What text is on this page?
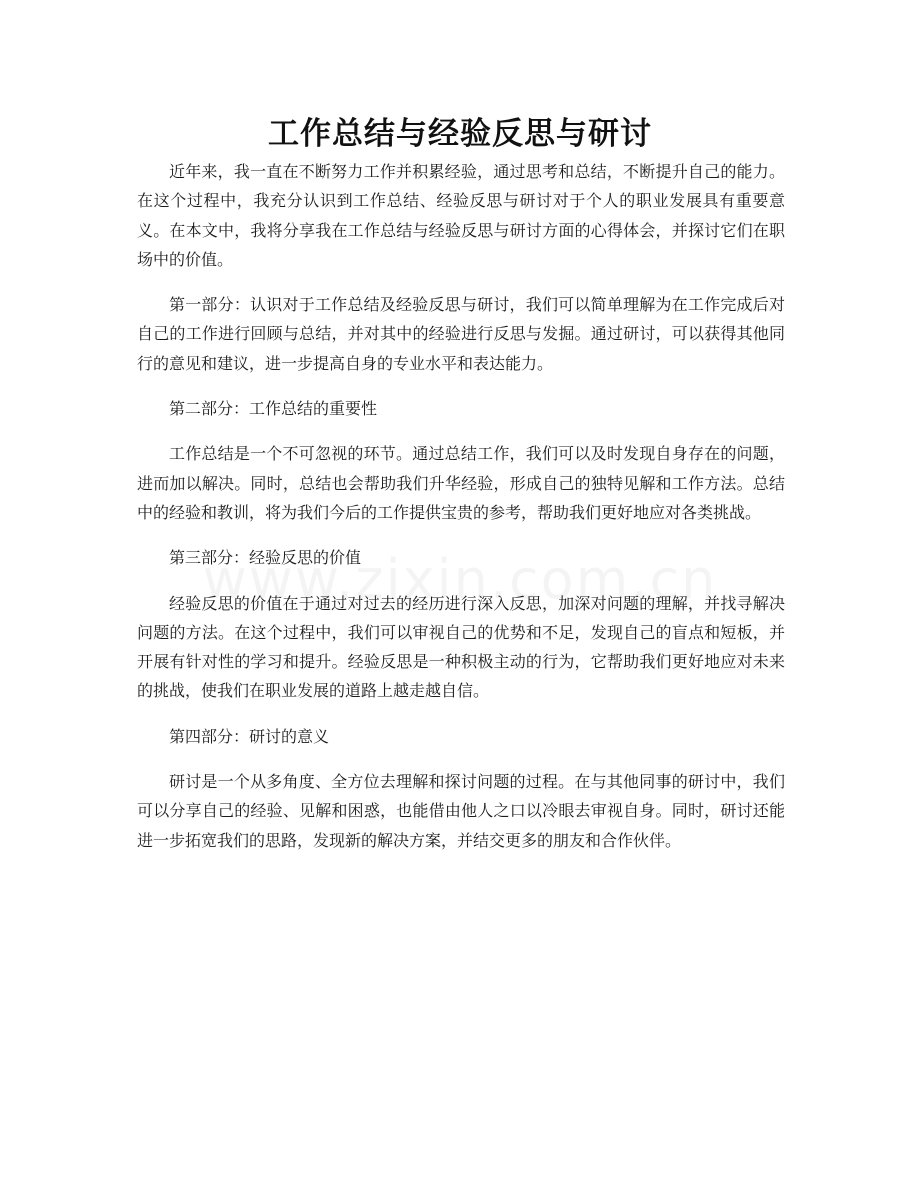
工作总结与经验反思与研讨

近年来，我一直在不断努力工作并积累经验，通过思考和总结，不断提升自己的能力。在这个过程中，我充分认识到工作总结、经验反思与研讨对于个人的职业发展具有重要意义。在本文中，我将分享我在工作总结与经验反思与研讨方面的心得体会，并探讨它们在职场中的价值。

第一部分：认识对于工作总结及经验反思与研讨，我们可以简单理解为在工作完成后对自己的工作进行回顾与总结，并对其中的经验进行反思与发掘。通过研讨，可以获得其他同行的意见和建议，进一步提高自身的专业水平和表达能力。

第二部分：工作总结的重要性

工作总结是一个不可忽视的环节。通过总结工作，我们可以及时发现自身存在的问题，进而加以解决。同时，总结也会帮助我们升华经验，形成自己的独特见解和工作方法。总结中的经验和教训，将为我们今后的工作提供宝贵的参考，帮助我们更好地应对各类挑战。

第三部分：经验反思的价值

经验反思的价值在于通过对过去的经历进行深入反思，加深对问题的理解，并找寻解决问题的方法。在这个过程中，我们可以审视自己的优势和不足，发现自己的盲点和短板，并开展有针对性的学习和提升。经验反思是一种积极主动的行为，它帮助我们更好地应对未来的挑战，使我们在职业发展的道路上越走越自信。

第四部分：研讨的意义

研讨是一个从多角度、全方位去理解和探讨问题的过程。在与其他同事的研讨中，我们可以分享自己的经验、见解和困惑，也能借由他人之口以冷眼去审视自身。同时，研讨还能进一步拓宽我们的思路，发现新的解决方案，并结交更多的朋友和合作伙伴。
